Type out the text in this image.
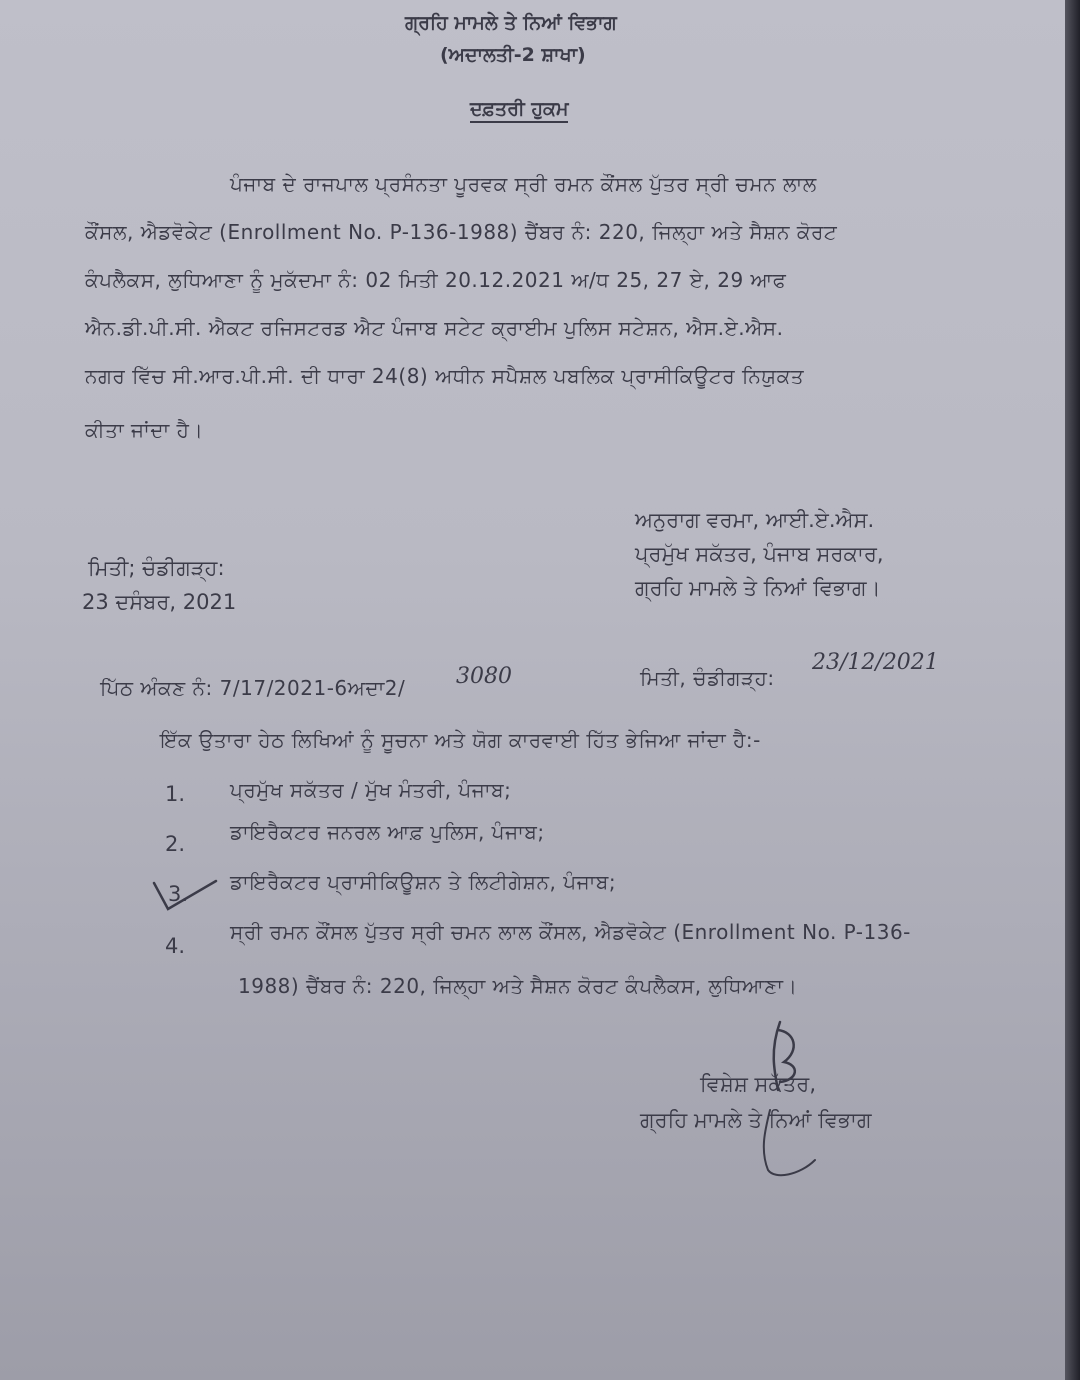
ਗ੍ਰਹਿ ਮਾਮਲੇ ਤੇ ਨਿਆਂ ਵਿਭਾਗ
(ਅਦਾਲਤੀ-2 ਸ਼ਾਖਾ)
ਦਫ਼ਤਰੀ ਹੁਕਮ
ਪੰਜਾਬ ਦੇ ਰਾਜਪਾਲ ਪ੍ਰਸੰਨਤਾ ਪੂਰਵਕ ਸ੍ਰੀ ਰਮਨ ਕੌਂਸਲ ਪੁੱਤਰ ਸ੍ਰੀ ਚਮਨ ਲਾਲ
ਕੌਂਸਲ, ਐਡਵੋਕੇਟ (Enrollment No. P-136-1988) ਚੈਂਬਰ ਨੰ: 220, ਜਿਲ੍ਹਾ ਅਤੇ ਸੈਸ਼ਨ ਕੋਰਟ
ਕੰਪਲੈਕਸ, ਲੁਧਿਆਣਾ ਨੂੰ ਮੁਕੱਦਮਾ ਨੰ: 02 ਮਿਤੀ 20.12.2021 ਅ/ਧ 25, 27 ਏ, 29 ਆਫ
ਐਨ.ਡੀ.ਪੀ.ਸੀ. ਐਕਟ ਰਜਿਸਟਰਡ ਐਟ ਪੰਜਾਬ ਸਟੇਟ ਕ੍ਰਾਈਮ ਪੁਲਿਸ ਸਟੇਸ਼ਨ, ਐਸ.ਏ.ਐਸ.
ਨਗਰ ਵਿੱਚ ਸੀ.ਆਰ.ਪੀ.ਸੀ. ਦੀ ਧਾਰਾ 24(8) ਅਧੀਨ ਸਪੈਸ਼ਲ ਪਬਲਿਕ ਪ੍ਰਾਸੀਕਿਊਟਰ ਨਿਯੁਕਤ
ਕੀਤਾ ਜਾਂਦਾ ਹੈ।
ਅਨੁਰਾਗ ਵਰਮਾ, ਆਈ.ਏ.ਐਸ.
ਪ੍ਰਮੁੱਖ ਸਕੱਤਰ, ਪੰਜਾਬ ਸਰਕਾਰ,
ਗ੍ਰਹਿ ਮਾਮਲੇ ਤੇ ਨਿਆਂ ਵਿਭਾਗ।
ਮਿਤੀ; ਚੰਡੀਗੜ੍ਹ:
23 ਦਸੰਬਰ, 2021
ਪਿੱਠ ਅੰਕਣ ਨੰ: 7/17/2021-6ਅਦਾ2/ 3080	ਮਿਤੀ, ਚੰਡੀਗੜ੍ਹ:
23/12/2021
ਇੱਕ ਉਤਾਰਾ ਹੇਠ ਲਿਖਿਆਂ ਨੂੰ ਸੂਚਨਾ ਅਤੇ ਯੋਗ ਕਾਰਵਾਈ ਹਿੱਤ ਭੇਜਿਆ ਜਾਂਦਾ ਹੈ:-
1. ਪ੍ਰਮੁੱਖ ਸਕੱਤਰ / ਮੁੱਖ ਮੰਤਰੀ, ਪੰਜਾਬ;
2. ਡਾਇਰੈਕਟਰ ਜਨਰਲ ਆਫ਼ ਪੁਲਿਸ, ਪੰਜਾਬ;
3. ਡਾਇਰੈਕਟਰ ਪ੍ਰਾਸੀਕਿਊਸ਼ਨ ਤੇ ਲਿਟੀਗੇਸ਼ਨ, ਪੰਜਾਬ;
4.
ਸ੍ਰੀ ਰਮਨ ਕੌਂਸਲ ਪੁੱਤਰ ਸ੍ਰੀ ਚਮਨ ਲਾਲ ਕੌਂਸਲ, ਐਡਵੋਕੇਟ (Enrollment No. P-136-
1988) ਚੈਂਬਰ ਨੰ: 220, ਜਿਲ੍ਹਾ ਅਤੇ ਸੈਸ਼ਨ ਕੋਰਟ ਕੰਪਲੈਕਸ, ਲੁਧਿਆਣਾ।
ਵਿਸ਼ੇਸ਼ ਸਕੱਤਰ,
ਗ੍ਰਹਿ ਮਾਮਲੇ ਤੇ ਨਿਆਂ ਵਿਭਾਗ
